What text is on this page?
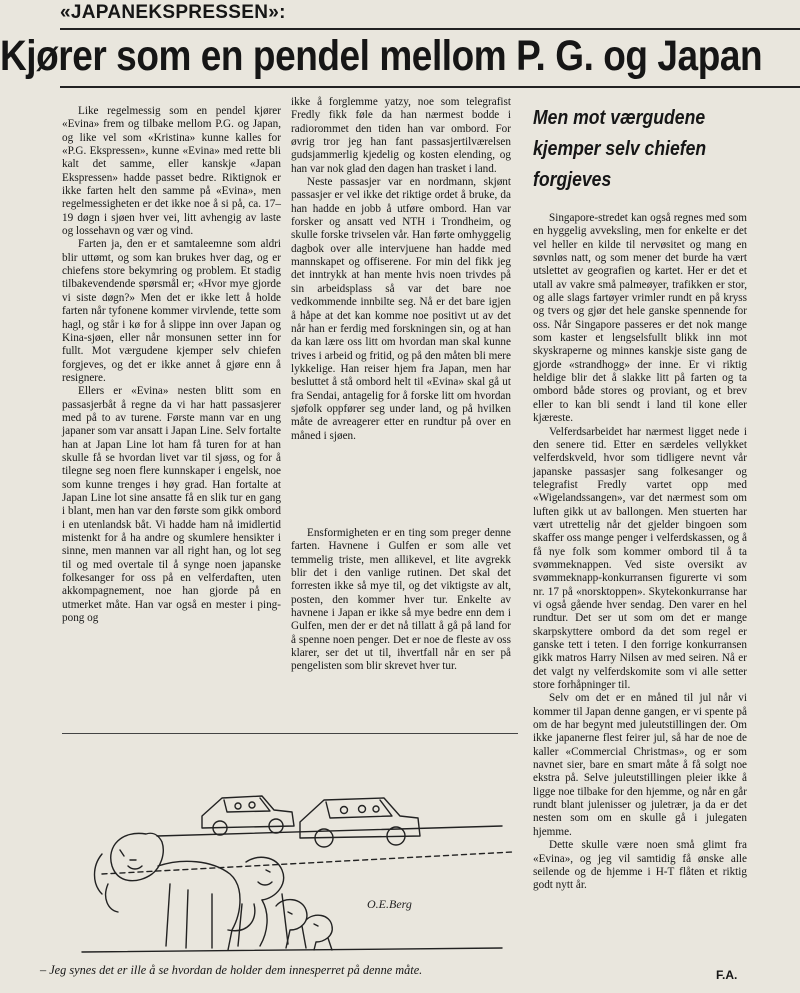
«JAPANEKSPRESSEN»:
Kjører som en pendel mellom P. G. og Japan

Like regelmessig som en pendel kjører «Evina» frem og tilbake mellom P.G. og Japan, og like vel som «Kristina» kunne kalles for «P.G. Ekspressen», kunne «Evina» med rette bli kalt det samme, eller kanskje «Japan Ekspressen» hadde passet bedre. Riktignok er ikke farten helt den samme på «Evina», men regelmessigheten er det ikke noe å si på, ca. 17–19 døgn i sjøen hver vei, litt avhengig av laste og lossehavn og vær og vind.

Farten ja, den er et samtaleemne som aldri blir uttømt, og som kan brukes hver dag, og er chiefens store bekymring og problem. Et stadig tilbakevendende spørsmål er; «Hvor mye gjorde vi siste døgn?» Men det er ikke lett å holde farten når tyfonene kommer virvlende, tette som hagl, og står i kø for å slippe inn over Japan og Kina-sjøen, eller når monsunen setter inn for fullt. Mot værgudene kjemper selv chiefen forgjeves, og det er ikke annet å gjøre enn å resignere.

Ellers er «Evina» nesten blitt som en passasjerbåt å regne da vi har hatt passasjerer med på to av turene. Første mann var en ung japaner som var ansatt i Japan Line. Selv fortalte han at Japan Line lot ham få turen for at han skulle få se hvordan livet var til sjøss, og for å tilegne seg noen flere kunnskaper i engelsk, noe som kunne trenges i høy grad. Han fortalte at Japan Line lot sine ansatte få en slik tur en gang i blant, men han var den første som gikk ombord i en utenlandsk båt. Vi hadde ham nå imidlertid mistenkt for å ha andre og skumlere hensikter i sinne, men mannen var all right han, og lot seg til og med overtale til å synge noen japanske folkesanger for oss på en velferdaften, uten akkompagnement, noe han gjorde på en utmerket måte. Han var også en mester i ping-pong og

ikke å forglemme yatzy, noe som telegrafist Fredly fikk føle da han nærmest bodde i radiorommet den tiden han var ombord. For øvrig tror jeg han fant passasjertilværelsen gudsjammerlig kjedelig og kosten elending, og han var nok glad den dagen han trasket i land.

Neste passasjer var en nordmann, skjønt passasjer er vel ikke det riktige ordet å bruke, da han hadde en jobb å utføre ombord. Han var forsker og ansatt ved NTH i Trondheim, og skulle forske trivselen vår. Han førte omhyggelig dagbok over alle intervjuene han hadde med mannskapet og offiserene. For min del fikk jeg det inntrykk at han mente hvis noen trivdes på sin arbeidsplass så var det bare noe vedkommende innbilte seg. Nå er det bare igjen å håpe at det kan komme noe positivt ut av det når han er ferdig med forskningen sin, og at han da kan lære oss litt om hvordan man skal kunne trives i arbeid og fritid, og på den måten bli mere lykkelige. Han reiser hjem fra Japan, men har besluttet å stå ombord helt til «Evina» skal gå ut fra Sendai, antagelig for å forske litt om hvordan sjøfolk oppfører seg under land, og på hvilken måte de avreagerer etter en rundtur på over en måned i sjøen.

Ensformigheten er en ting som preger denne farten. Havnene i Gulfen er som alle vet temmelig triste, men allikevel, et lite avgrekk blir det i den vanlige rutinen. Det skal det forresten ikke så mye til, og det viktigste av alt, posten, den kommer hver tur. Enkelte av havnene i Japan er ikke så mye bedre enn dem i Gulfen, men der er det nå tillatt å gå på land for å spenne noen penger. Det er noe de fleste av oss klarer, ser det ut til, ihvertfall når en ser på pengelisten som blir skrevet hver tur.

Men mot værgudene kjemper selv chiefen forgjeves

Singapore-stredet kan også regnes med som en hyggelig avveksling, men for enkelte er det vel heller en kilde til nervøsitet og mang en søvnløs natt, og som mener det burde ha vært utslettet av geografien og kartet. Her er det et utall av vakre små palmeøyer, trafikken er stor, og alle slags fartøyer vrimler rundt en på kryss og tvers og gjør det hele ganske spennende for oss. Når Singapore passeres er det nok mange som kaster et lengselsfullt blikk inn mot skyskraperne og minnes kanskje siste gang de gjorde «strandhogg» der inne. Er vi riktig heldige blir det å slakke litt på farten og ta ombord både stores og proviant, og et brev eller to kan bli sendt i land til kone eller kjæreste.

Velferdsarbeidet har nærmest ligget nede i den senere tid. Etter en særdeles vellykket velferdskveld, hvor som tidligere nevnt vår japanske passasjer sang folkesanger og telegrafist Fredly vartet opp med «Wigelandssangen», var det nærmest som om luften gikk ut av ballongen. Men stuerten har vært utrettelig når det gjelder bingoen som skaffer oss mange penger i velferdskassen, og å få nye folk som kommer ombord til å ta svømmeknappen. Ved siste oversikt av svømmeknapp-konkurransen figurerte vi som nr. 17 på «norsktoppen». Skytekonkurranse har vi også gående hver sendag. Den varer en hel rundtur. Det ser ut som om det er mange skarpskyttere ombord da det som regel er ganske tett i teten. I den forrige konkurransen gikk matros Harry Nilsen av med seiren. Nå er det valgt ny velferdskomite som vi alle setter store forhåpninger til.

Selv om det er en måned til jul når vi kommer til Japan denne gangen, er vi spente på om de har begynt med juleutstillingen der. Om ikke japanerne flest feirer jul, så har de noe de kaller «Commercial Christmas», og er som navnet sier, bare en smart måte å få solgt noe ekstra på. Selve juleutstillingen pleier ikke å ligge noe tilbake for den hjemme, og når en går rundt blant julenisser og juletrær, ja da er det nesten som om en skulle gå i julegaten hjemme.

Dette skulle være noen små glimt fra «Evina», og jeg vil samtidig få ønske alle seilende og de hjemme i H-T flåten et riktig godt nytt år.

O.E.Berg
– Jeg synes det er ille å se hvordan de holder dem innesperret på denne måte.	F.A.
